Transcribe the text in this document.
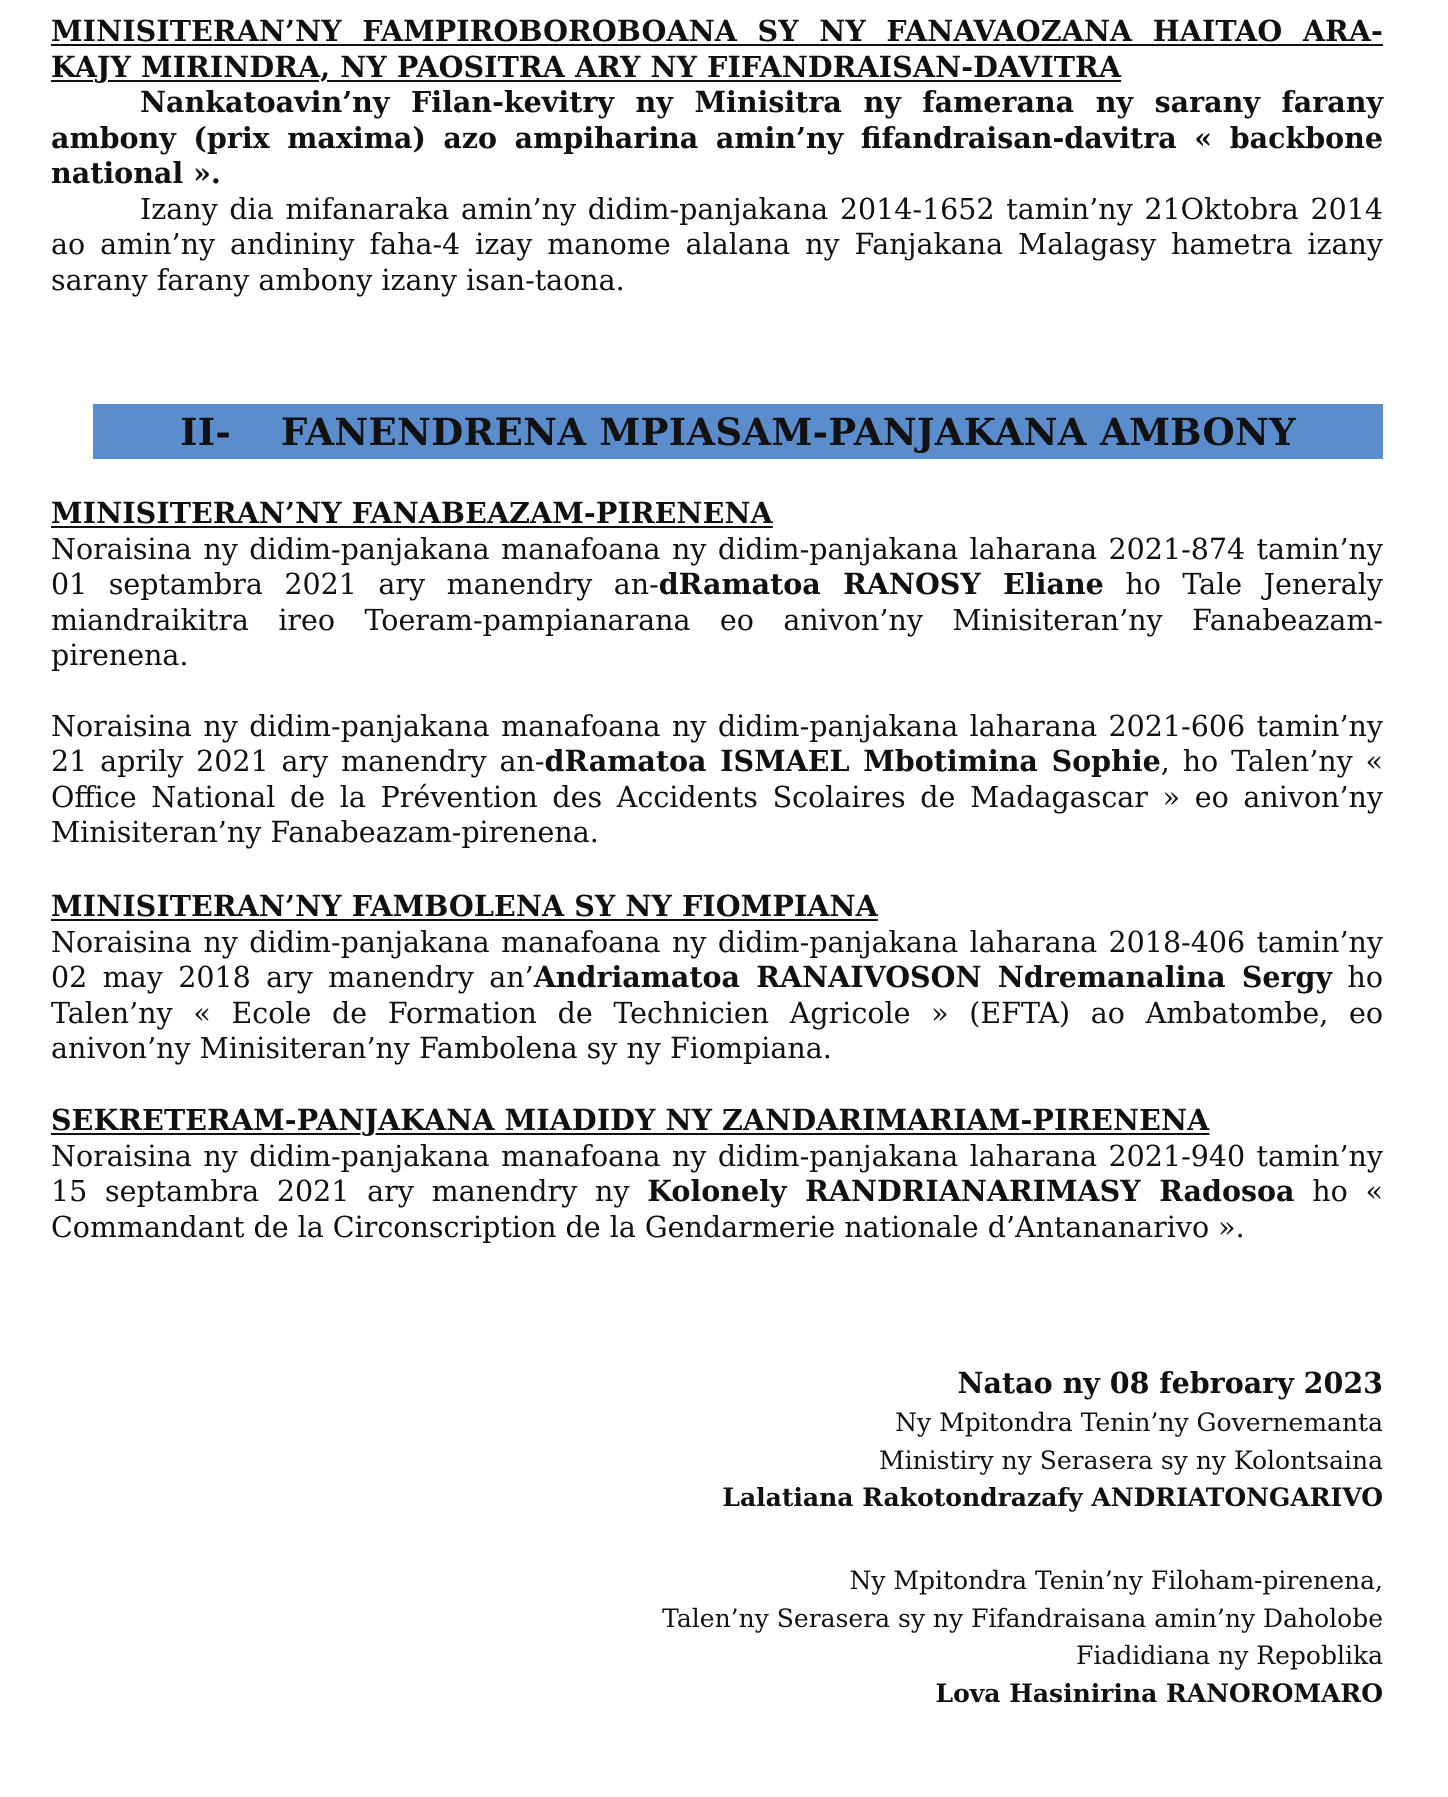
MINISITERAN’NY FAMPIROBOROBOANA SY NY FANAVAOZANA HAITAO ARA-KAJY MIRINDRA, NY PAOSITRA ARY NY FIFANDRAISAN-DAVITRA
Nankatoavin’ny Filan-kevitry ny Minisitra ny famerana ny sarany farany ambony (prix maxima) azo ampiharina amin’ny fifandraisan-davitra « backbone national ».
Izany dia mifanaraka amin’ny didim-panjakana 2014-1652 tamin’ny 21Oktobra 2014 ao amin’ny andininy faha-4 izay manome alalana ny Fanjakana Malagasy hametra izany sarany farany ambony izany isan-taona.
II- FANENDRENA MPIASAM-PANJAKANA AMBONY
MINISITERAN’NY FANABEAZAM-PIRENENA
Noraisina ny didim-panjakana manafoana ny didim-panjakana laharana 2021-874 tamin’ny 01 septambra 2021 ary manendry an-dRamatoa RANOSY Eliane ho Tale Jeneraly miandraikitra ireo Toeram-pampianarana eo anivon’ny Minisiteran’ny Fanabeazam-pirenena.
Noraisina ny didim-panjakana manafoana ny didim-panjakana laharana 2021-606 tamin’ny 21 aprily 2021 ary manendry an-dRamatoa ISMAEL Mbotimina Sophie, ho Talen’ny « Office National de la Prévention des Accidents Scolaires de Madagascar » eo anivon’ny Minisiteran’ny Fanabeazam-pirenena.
MINISITERAN’NY FAMBOLENA SY NY FIOMPIANA
Noraisina ny didim-panjakana manafoana ny didim-panjakana laharana 2018-406 tamin’ny 02 may 2018 ary manendry an’Andriamatoa RANAIVOSON Ndremanalina Sergy ho Talen’ny « Ecole de Formation de Technicien Agricole » (EFTA) ao Ambatombe, eo anivon’ny Minisiteran’ny Fambolena sy ny Fiompiana.
SEKRETERAM-PANJAKANA MIADIDY NY ZANDARIMARIAM-PIRENENA
Noraisina ny didim-panjakana manafoana ny didim-panjakana laharana 2021-940 tamin’ny 15 septambra 2021 ary manendry ny Kolonely RANDRIANARIMASY Radosoa ho « Commandant de la Circonscription de la Gendarmerie nationale d’Antananarivo ».
Natao ny 08 febroary 2023
Ny Mpitondra Tenin’ny Governemanta
Ministiry ny Serasera sy ny Kolontsaina
Lalatiana Rakotondrazafy ANDRIATONGARIVO
Ny Mpitondra Tenin’ny Filoham-pirenena,
Talen’ny Serasera sy ny Fifandraisana amin’ny Daholobe
Fiadidiana ny Repoblika
Lova Hasinirina RANOROMARO
